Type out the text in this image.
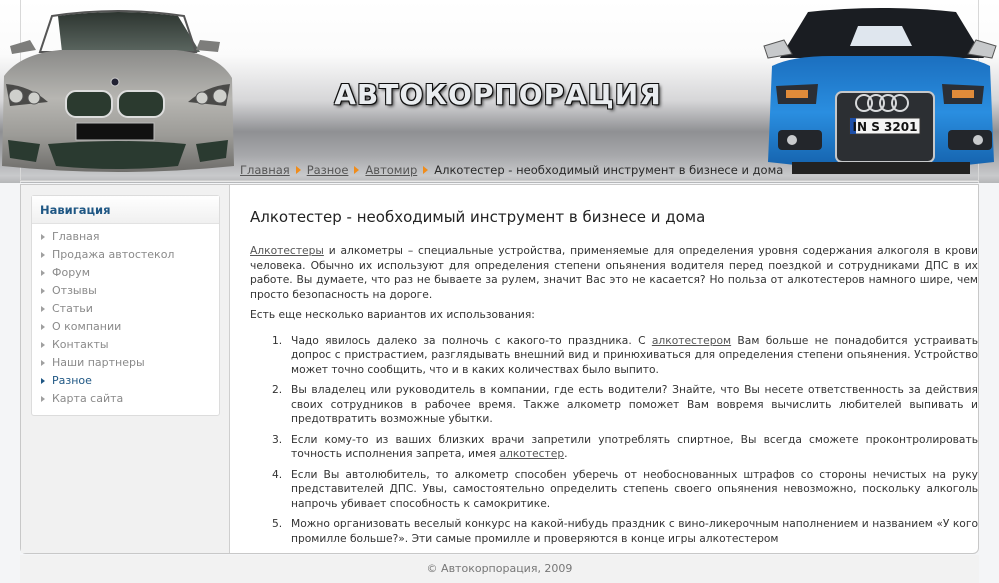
IN S 3201
АВТОКОРПОРАЦИЯ
Главная Разное Автомир Алкотестер - необходимый инструмент в бизнесе и дома
Навигация
Главная
Продажа автостекол
Форум
Отзывы
Статьи
О компании
Контакты
Наши партнеры
Разное
Карта сайта
Алкотестер - необходимый инструмент в бизнесе и дома

Алкотестеры и алкометры – специальные устройства, применяемые для определения уровня содержания алкоголя в крови человека. Обычно их используют для определения степени опьянения водителя перед поездкой и сотрудниками ДПС в их работе. Вы думаете, что раз не бываете за рулем, значит Вас это не касается? Но польза от алкотестеров намного шире, чем просто безопасность на дороге.

Есть еще несколько вариантов их использования:

1. Чадо явилось далеко за полночь с какого-то праздника. С алкотестером Вам больше не понадобится устраивать допрос с пристрастием, разглядывать внешний вид и принюхиваться для определения степени опьянения. Устройство может точно сообщить, что и в каких количествах было выпито.
2. Вы владелец или руководитель в компании, где есть водители? Знайте, что Вы несете ответственность за действия своих сотрудников в рабочее время. Также алкометр поможет Вам вовремя вычислить любителей выпивать и предотвратить возможные убытки.
3. Если кому-то из ваших близких врачи запретили употреблять спиртное, Вы всегда сможете проконтролировать точность исполнения запрета, имея алкотестер.
4. Если Вы автолюбитель, то алкометр способен уберечь от необоснованных штрафов со стороны нечистых на руку представителей ДПС. Увы, самостоятельно определить степень своего опьянения невозможно, поскольку алкоголь напрочь убивает способность к самокритике.
5. Можно организовать веселый конкурс на какой-нибудь праздник с вино-ликерочным наполнением и названием «У кого промилле больше?». Эти самые промилле и проверяются в конце игры алкотестером
© Автокорпорация, 2009
